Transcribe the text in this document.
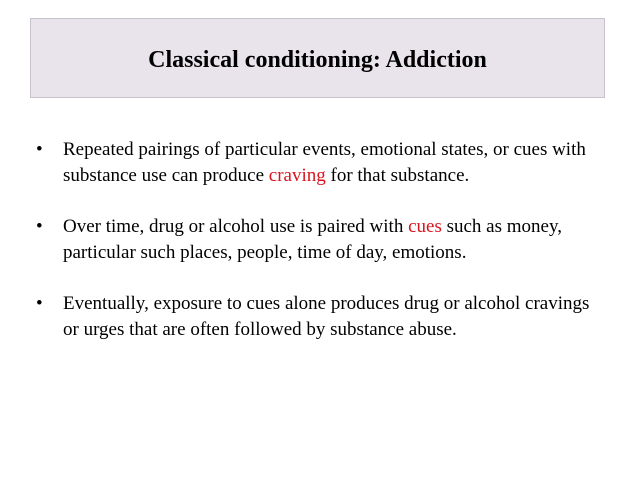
Classical conditioning: Addiction
• Repeated pairings of particular events, emotional states, or cues with substance use can produce craving for that substance.
• Over time, drug or alcohol use is paired with cues such as money, particular such places, people, time of day, emotions.
• Eventually, exposure to cues alone produces drug or alcohol cravings or urges that are often followed by substance abuse.
